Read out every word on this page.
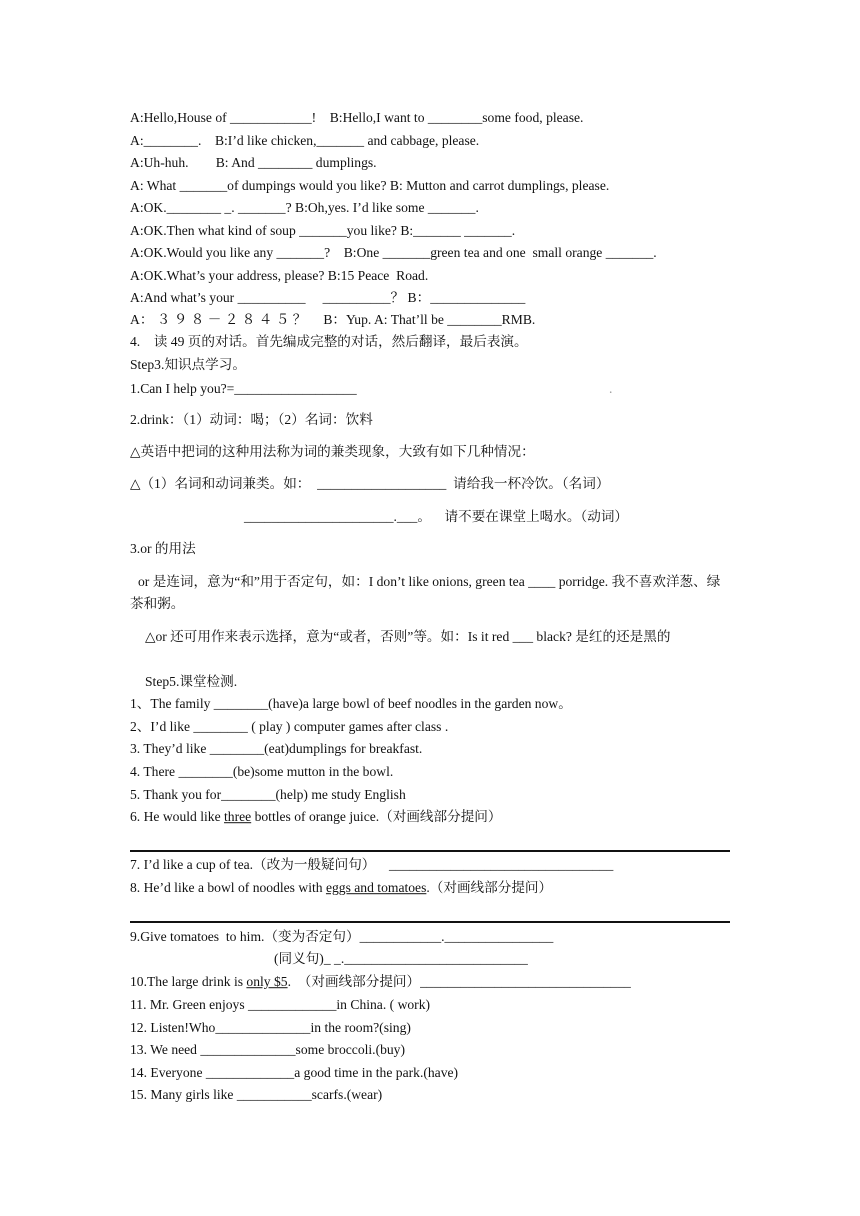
A:Hello,House of ____________!    B:Hello,I want to ________some food, please.
A:________.    B:I’d like chicken,_______ and cabbage, please.
A:Uh-huh.        B: And ________ dumplings.
A: What _______of dumpings would you like? B: Mutton and carrot dumplings, please.
A:OK.________ _. _______? B:Oh,yes. I’d like some _______.
A:OK.Then what kind of soup _______you like? B:_______ _______.
A:OK.Would you like any _______?    B:One _______green tea and one  small orange _______.
A:OK.What’s your address, please? B:15 Peace  Road.
A:And what’s your __________     __________？ B：______________
A： ３ ９ ８ － ２ ８ ４ ５ ？     B：Yup. A: That’ll be ________RMB.
4.    读 49 页的对话。首先编成完整的对话，然后翻译，最后表演。
Step3.知识点学习。
1.Can I help you?=__________________	.
2.drink：（1）动词：喝；（2）名词：饮料
△英语中把词的这种用法称为词的兼类现象，大致有如下几种情况：
△（1）名词和动词兼类。如：  ___________________  请给我一杯冷饮。（名词）
______________________.___。    请不要在课堂上喝水。（动词）
3.or 的用法
or 是连词，意为“和”用于否定句，如：I don’t like onions, green tea ____ porridge. 我不喜欢洋葱、绿茶和粥。
△or 还可用作来表示选择，意为“或者，否则”等。如：Is it red ___ black? 是红的还是黑的
Step5.课堂检测.
1、The family ________(have)a large bowl of beef noodles in the garden now。
2、I’d like ________ ( play ) computer games after class .
3. They’d like ________(eat)dumplings for breakfast.
4. There ________(be)some mutton in the bowl.
5. Thank you for________(help) me study English
6. He would like three bottles of orange juice.（对画线部分提问）
7. I’d like a cup of tea.（改为一般疑问句）    _________________________________
8. He’d like a bowl of noodles with eggs and tomatoes.（对画线部分提问）
9.Give tomatoes  to him.（变为否定句）____________.________________
(同义句)_ _.___________________________
10.The large drink is only $5.  （对画线部分提问）_______________________________
11. Mr. Green enjoys _____________in China. ( work)
12. Listen!Who______________in the room?(sing)
13. We need ______________some broccoli.(buy)
14. Everyone _____________a good time in the park.(have)
15. Many girls like ___________scarfs.(wear)
